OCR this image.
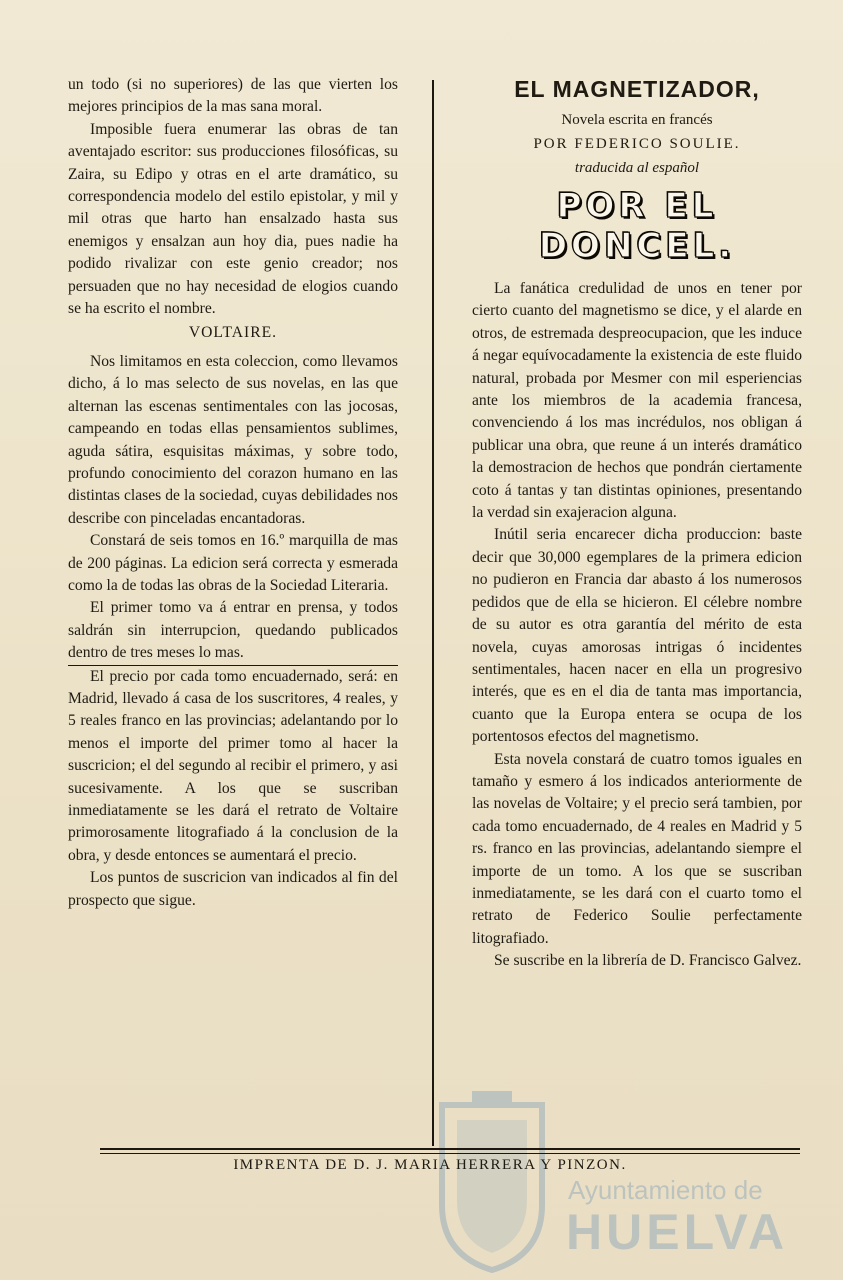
un todo (si no superiores) de las que vierten los mejores principios de la mas sana moral.

Imposible fuera enumerar las obras de tan aventajado escritor: sus producciones filosóficas, su Zaira, su Edipo y otras en el arte dramático, su correspondencia modelo del estilo epistolar, y mil y mil otras que harto han ensalzado hasta sus enemigos y ensalzan aun hoy dia, pues nadie ha podido rivalizar con este genio creador; nos persuaden que no hay necesidad de elogios cuando se ha escrito el nombre.

VOLTAIRE.

Nos limitamos en esta coleccion, como llevamos dicho, á lo mas selecto de sus novelas, en las que alternan las escenas sentimentales con las jocosas, campeando en todas ellas pensamientos sublimes, aguda sátira, esquisitas máximas, y sobre todo, profundo conocimiento del corazon humano en las distintas clases de la sociedad, cuyas debilidades nos describe con pinceladas encantadoras.

Constará de seis tomos en 16.º marquilla de mas de 200 páginas. La edicion será correcta y esmerada como la de todas las obras de la Sociedad Literaria.

El primer tomo va á entrar en prensa, y todos saldrán sin interrupcion, quedando publicados dentro de tres meses lo mas.

El precio por cada tomo encuadernado, será: en Madrid, llevado á casa de los suscritores, 4 reales, y 5 reales franco en las provincias; adelantando por lo menos el importe del primer tomo al hacer la suscricion; el del segundo al recibir el primero, y asi sucesivamente. A los que se suscriban inmediatamente se les dará el retrato de Voltaire primorosamente litografiado á la conclusion de la obra, y desde entonces se aumentará el precio.

Los puntos de suscricion van indicados al fin del prospecto que sigue.

EL MAGNETIZADOR,

Novela escrita en francés

POR FEDERICO SOULIE.

traducida al español

POR EL DONCEL.

La fanática credulidad de unos en tener por cierto cuanto del magnetismo se dice, y el alarde en otros, de estremada despreocupacion, que les induce á negar equívocadamente la existencia de este fluido natural, probada por Mesmer con mil esperiencias ante los miembros de la academia francesa, convenciendo á los mas incrédulos, nos obligan á publicar una obra, que reune á un interés dramático la demostracion de hechos que pondrán ciertamente coto á tantas y tan distintas opiniones, presentando la verdad sin exajeracion alguna.

Inútil seria encarecer dicha produccion: baste decir que 30,000 egemplares de la primera edicion no pudieron en Francia dar abasto á los numerosos pedidos que de ella se hicieron. El célebre nombre de su autor es otra garantía del mérito de esta novela, cuyas amorosas intrigas ó incidentes sentimentales, hacen nacer en ella un progresivo interés, que es en el dia de tanta mas importancia, cuanto que la Europa entera se ocupa de los portentosos efectos del magnetismo.

Esta novela constará de cuatro tomos iguales en tamaño y esmero á los indicados anteriormente de las novelas de Voltaire; y el precio será tambien, por cada tomo encuadernado, de 4 reales en Madrid y 5 rs. franco en las provincias, adelantando siempre el importe de un tomo. A los que se suscriban inmediatamente, se les dará con el cuarto tomo el retrato de Federico Soulie perfectamente litografiado.

Se suscribe en la librería de D. Francisco Galvez.

Ayuntamiento de
HUELVA
IMPRENTA DE D. J. MARIA HERRERA Y PINZON.
